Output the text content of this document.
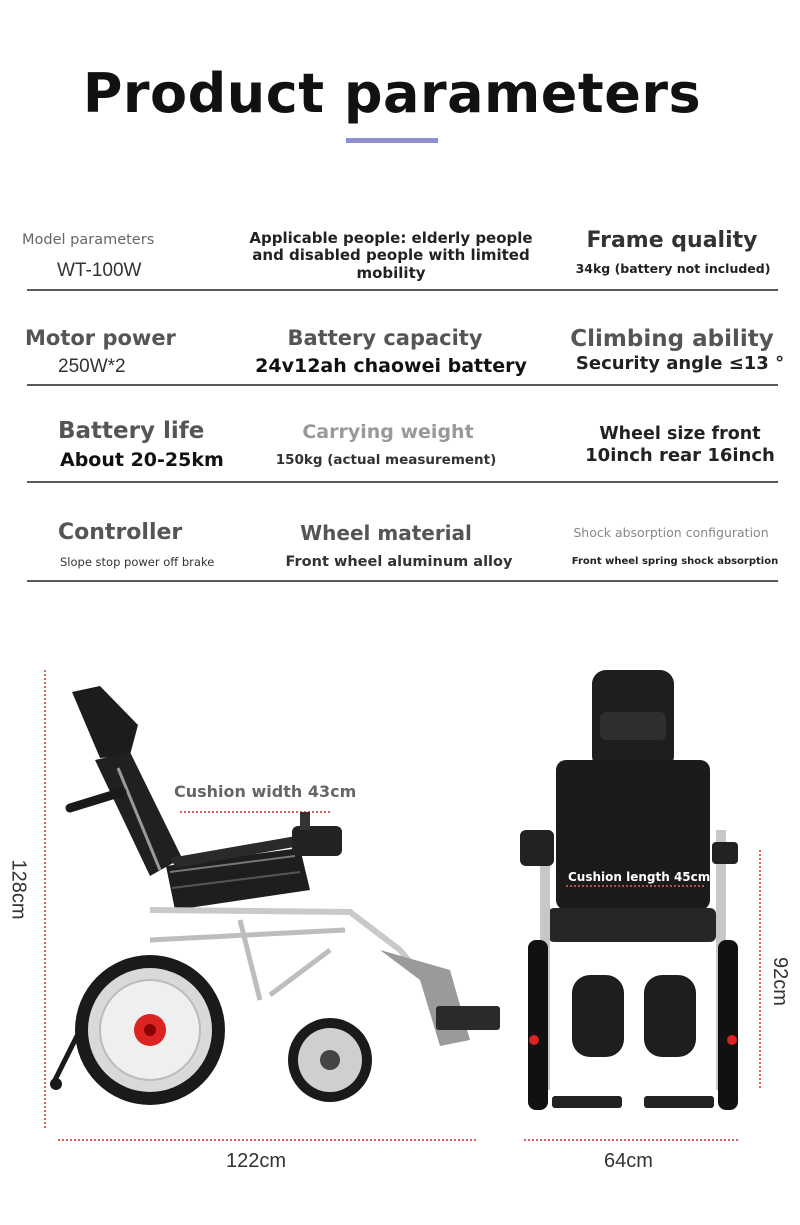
Product parameters
Model parameters
WT-100W
Applicable people: elderly people and disabled people with limited mobility
Frame quality
34kg (battery not included)
Motor power
250W*2
Battery capacity
24v12ah chaowei battery
Climbing ability
Security angle ≤13 °
Battery life
About 20-25km
Carrying weight
150kg (actual measurement)
Wheel size front
10inch rear 16inch
Controller
Slope stop power off brake
Wheel material
Front wheel aluminum alloy
Shock absorption configuration
Front wheel spring shock absorption
128cm
122cm
Cushion width 43cm
92cm
64cm
Cushion length 45cm
